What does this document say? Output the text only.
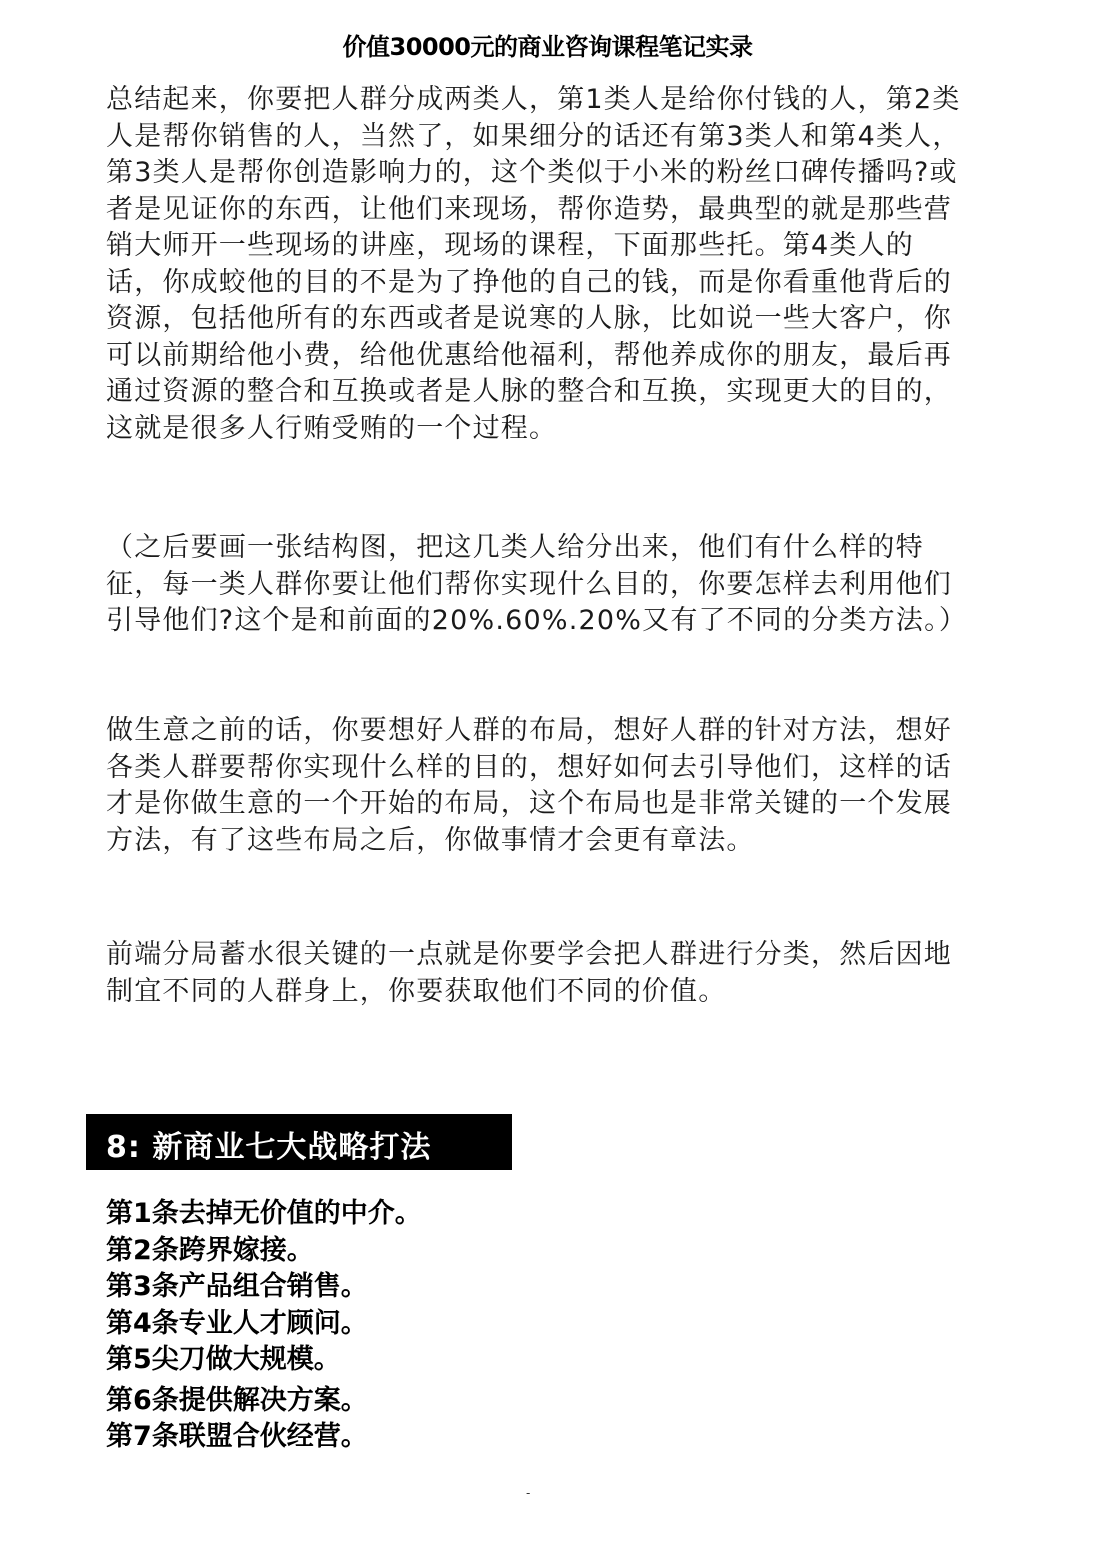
价值30000元的商业咨询课程笔记实录

总结起来，你要把人群分成两类人，第1类人是给你付钱的人，第2类人是帮你销售的人，当然了，如果细分的话还有第3类人和第4类人，第3类人是帮你创造影响力的，这个类似于小米的粉丝口碑传播吗?或者是见证你的东西，让他们来现场，帮你造势，最典型的就是那些营销大师开一些现场的讲座，现场的课程，下面那些托。第4类人的话，你成蛟他的目的不是为了挣他的自己的钱，而是你看重他背后的资源，包括他所有的东西或者是说寒的人脉，比如说一些大客户，你可以前期给他小费，给他优惠给他福利，帮他养成你的朋友，最后再通过资源的整合和互换或者是人脉的整合和互换，实现更大的目的，这就是很多人行贿受贿的一个过程。

（之后要画一张结构图，把这几类人给分出来，他们有什么样的特征，每一类人群你要让他们帮你实现什么目的，你要怎样去利用他们引导他们?这个是和前面的20%.60%.20%又有了不同的分类方法。）

做生意之前的话，你要想好人群的布局，想好人群的针对方法，想好各类人群要帮你实现什么样的目的，想好如何去引导他们，这样的话才是你做生意的一个开始的布局，这个布局也是非常关键的一个发展方法，有了这些布局之后，你做事情才会更有章法。

前端分局蓄水很关键的一点就是你要学会把人群进行分类，然后因地制宜不同的人群身上，你要获取他们不同的价值。

8: 新商业七大战略打法
第1条去掉无价值的中介。
第2条跨界嫁接。
第3条产品组合销售。
第4条专业人才顾问。
第5尖刀做大规模。
第6条提供解决方案。
第7条联盟合伙经营。
-
